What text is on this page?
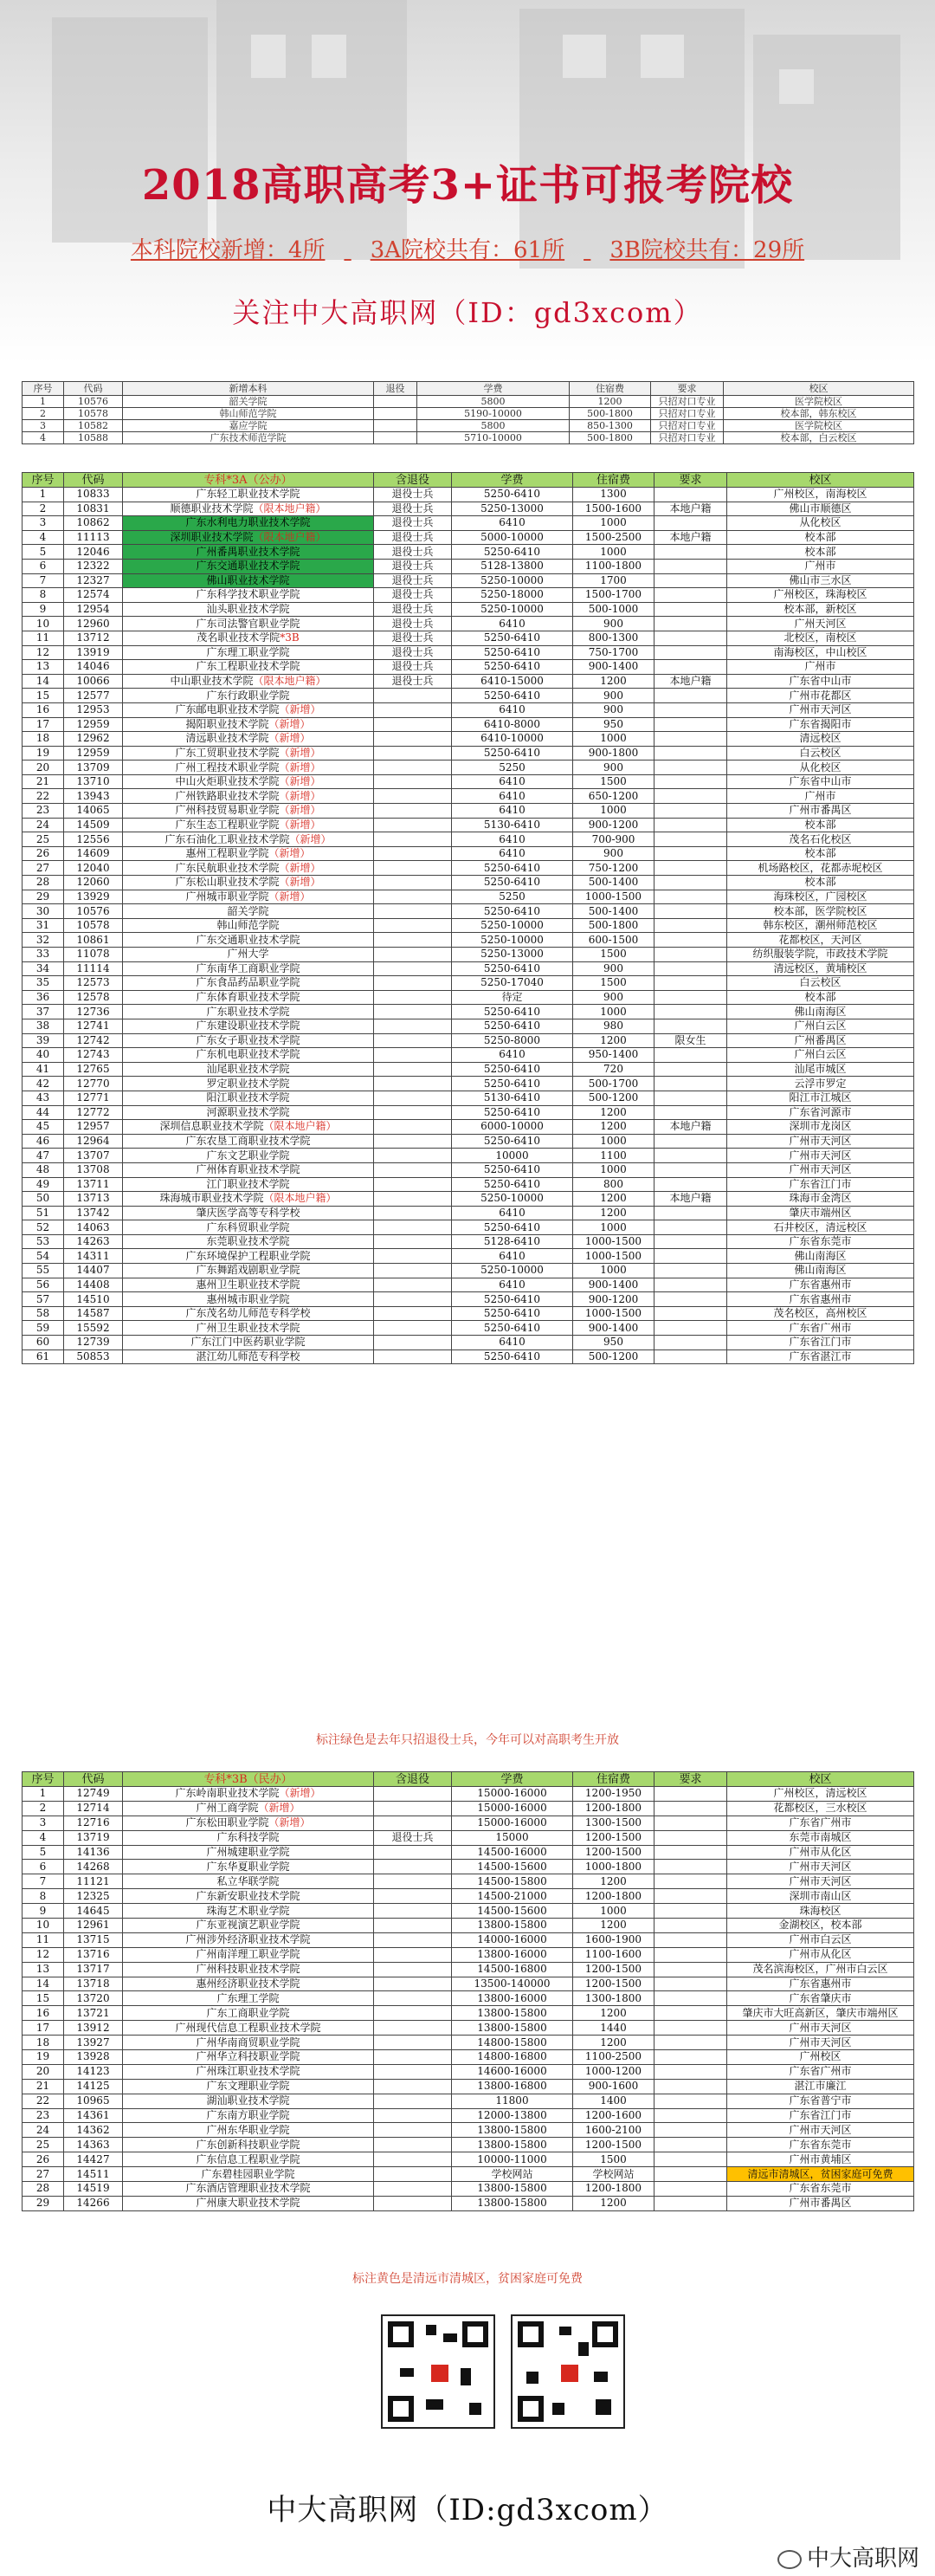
2018高职高考3+证书可报考院校
本科院校新增：4所 3A院校共有：61所 3B院校共有：29所
关注中大高职网（ID：gd3xcom）
序号	代码	新增本科	退役	学费	住宿费	要求	校区
1	10576	韶关学院		5800	1200	只招对口专业	医学院校区
2	10578	韩山师范学院		5190-10000	500-1800	只招对口专业	校本部，韩东校区
3	10582	嘉应学院		5800	850-1300	只招对口专业	医学院校区
4	10588	广东技术师范学院		5710-10000	500-1800	只招对口专业	校本部，白云校区
序号	代码	专科*3A（公办）	含退役	学费	住宿费	要求	校区
1	10833	广东轻工职业技术学院	退役士兵	5250-6410	1300		广州校区，南海校区
2	10831	顺德职业技术学院（限本地户籍）	退役士兵	5250-13000	1500-1600	本地户籍	佛山市顺德区
3	10862	广东水利电力职业技术学院	退役士兵	6410	1000		从化校区
4	11113	深圳职业技术学院（限本地户籍）	退役士兵	5000-10000	1500-2500	本地户籍	校本部
5	12046	广州番禺职业技术学院	退役士兵	5250-6410	1000		校本部
6	12322	广东交通职业技术学院	退役士兵	5128-13800	1100-1800		广州市
7	12327	佛山职业技术学院	退役士兵	5250-10000	1700		佛山市三水区
8	12574	广东科学技术职业学院	退役士兵	5250-18000	1500-1700		广州校区，珠海校区
9	12954	汕头职业技术学院	退役士兵	5250-10000	500-1000		校本部，新校区
10	12960	广东司法警官职业学院	退役士兵	6410	900		广州天河区
11	13712	茂名职业技术学院*3B	退役士兵	5250-6410	800-1300		北校区，南校区
12	13919	广东理工职业学院	退役士兵	5250-6410	750-1700		南海校区，中山校区
13	14046	广东工程职业技术学院	退役士兵	5250-6410	900-1400		广州市
14	10066	中山职业技术学院（限本地户籍）	退役士兵	6410-15000	1200	本地户籍	广东省中山市
15	12577	广东行政职业学院		5250-6410	900		广州市花都区
16	12953	广东邮电职业技术学院（新增）		6410	900		广州市天河区
17	12959	揭阳职业技术学院（新增）		6410-8000	950		广东省揭阳市
18	12962	清远职业技术学院（新增）		6410-10000	1000		清远校区
19	12959	广东工贸职业技术学院（新增）		5250-6410	900-1800		白云校区
20	13709	广州工程技术职业学院（新增）		5250	900		从化校区
21	13710	中山火炬职业技术学院（新增）		6410	1500		广东省中山市
22	13943	广州铁路职业技术学院（新增）		6410	650-1200		广州市
23	14065	广州科技贸易职业学院（新增）		6410	1000		广州市番禺区
24	14509	广东生态工程职业学院（新增）		5130-6410	900-1200		校本部
25	12556	广东石油化工职业技术学院（新增）		6410	700-900		茂名石化校区
26	14609	惠州工程职业学院（新增）		6410	900		校本部
27	12040	广东民航职业技术学院（新增）		5250-6410	750-1200		机场路校区，花都赤坭校区
28	12060	广东松山职业技术学院（新增）		5250-6410	500-1400		校本部
29	13929	广州城市职业学院（新增）		5250	1000-1500		海珠校区，广园校区
30	10576	韶关学院		5250-6410	500-1400		校本部，医学院校区
31	10578	韩山师范学院		5250-10000	500-1800		韩东校区，潮州师范校区
32	10861	广东交通职业技术学院		5250-10000	600-1500		花都校区，天河区
33	11078	广州大学		5250-13000	1500		纺织服装学院，市政技术学院
34	11114	广东南华工商职业学院		5250-6410	900		清远校区，黄埔校区
35	12573	广东食品药品职业学院		5250-17040	1500		白云校区
36	12578	广东体育职业技术学院		待定	900		校本部
37	12736	广东职业技术学院		5250-6410	1000		佛山南海区
38	12741	广东建设职业技术学院		5250-6410	980		广州白云区
39	12742	广东女子职业技术学院		5250-8000	1200	限女生	广州番禺区
40	12743	广东机电职业技术学院		6410	950-1400		广州白云区
41	12765	汕尾职业技术学院		5250-6410	720		汕尾市城区
42	12770	罗定职业技术学院		5250-6410	500-1700		云浮市罗定
43	12771	阳江职业技术学院		5130-6410	500-1200		阳江市江城区
44	12772	河源职业技术学院		5250-6410	1200		广东省河源市
45	12957	深圳信息职业技术学院（限本地户籍）		6000-10000	1200	本地户籍	深圳市龙岗区
46	12964	广东农垦工商职业技术学院		5250-6410	1000		广州市天河区
47	13707	广东文艺职业学院		10000	1100		广州市天河区
48	13708	广州体育职业技术学院		5250-6410	1000		广州市天河区
49	13711	江门职业技术学院		5250-6410	800		广东省江门市
50	13713	珠海城市职业技术学院（限本地户籍）		5250-10000	1200	本地户籍	珠海市金湾区
51	13742	肇庆医学高等专科学校		6410	1200		肇庆市端州区
52	14063	广东科贸职业学院		5250-6410	1000		石井校区，清远校区
53	14263	东莞职业技术学院		5128-6410	1000-1500		广东省东莞市
54	14311	广东环境保护工程职业学院		6410	1000-1500		佛山南海区
55	14407	广东舞蹈戏剧职业学院		5250-10000	1000		佛山南海区
56	14408	惠州卫生职业技术学院		6410	900-1400		广东省惠州市
57	14510	惠州城市职业学院		5250-6410	900-1200		广东省惠州市
58	14587	广东茂名幼儿师范专科学校		5250-6410	1000-1500		茂名校区，高州校区
59	15592	广州卫生职业技术学院		5250-6410	900-1400		广东省广州市
60	12739	广东江门中医药职业学院		6410	950		广东省江门市
61	50853	湛江幼儿师范专科学校		5250-6410	500-1200		广东省湛江市
标注绿色是去年只招退役士兵，今年可以对高职考生开放
序号	代码	专科*3B（民办）	含退役	学费	住宿费	要求	校区
1	12749	广东岭南职业技术学院（新增）		15000-16000	1200-1950		广州校区，清远校区
2	12714	广州工商学院（新增）		15000-16000	1200-1800		花都校区，三水校区
3	12716	广东松田职业学院（新增）		15000-16000	1300-1500		广东省广州市
4	13719	广东科技学院	退役士兵	15000	1200-1500		东莞市南城区
5	14136	广州城建职业学院		14500-16000	1200-1500		广州市从化区
6	14268	广东华夏职业学院		14500-15600	1000-1800		广州市天河区
7	11121	私立华联学院		14500-15800	1200		广州市天河区
8	12325	广东新安职业技术学院		14500-21000	1200-1800		深圳市南山区
9	14645	珠海艺术职业学院		14500-15600	1000		珠海校区
10	12961	广东亚视演艺职业学院		13800-15800	1200		金湖校区，校本部
11	13715	广州涉外经济职业技术学院		14000-16000	1600-1900		广州市白云区
12	13716	广州南洋理工职业学院		13800-16000	1100-1600		广州市从化区
13	13717	广州科技职业技术学院		14500-16800	1200-1500		茂名滨海校区，广州市白云区
14	13718	惠州经济职业技术学院		13500-140000	1200-1500		广东省惠州市
15	13720	广东理工学院		13800-16000	1300-1800		广东省肇庆市
16	13721	广东工商职业学院		13800-15800	1200		肇庆市大旺高新区，肇庆市端州区
17	13912	广州现代信息工程职业技术学院		13800-15800	1440		广州市天河区
18	13927	广州华南商贸职业学院		14800-15800	1200		广州市天河区
19	13928	广州华立科技职业学院		14800-16800	1100-2500		广州校区
20	14123	广州珠江职业技术学院		14600-16000	1000-1200		广东省广州市
21	14125	广东文理职业学院		13800-16800	900-1600		湛江市廉江
22	10965	湖汕职业技术学院		11800	1400		广东省普宁市
23	14361	广东南方职业学院		12000-13800	1200-1600		广东省江门市
24	14362	广州东华职业学院		13800-15800	1600-2100		广州市天河区
25	14363	广东创新科技职业学院		13800-15800	1200-1500		广东省东莞市
26	14427	广东信息工程职业学院		10000-11000	1500		广州市黄埔区
27	14511	广东碧桂园职业学院		学校网站	学校网站		清远市清城区，贫困家庭可免费
28	14519	广东酒店管理职业技术学院		13800-15800	1200-1800		广东省东莞市
29	14266	广州康大职业技术学院		13800-15800	1200		广州市番禺区
标注黄色是清远市清城区，贫困家庭可免费
中大高职网（ID:gd3xcom）
中大高职网
